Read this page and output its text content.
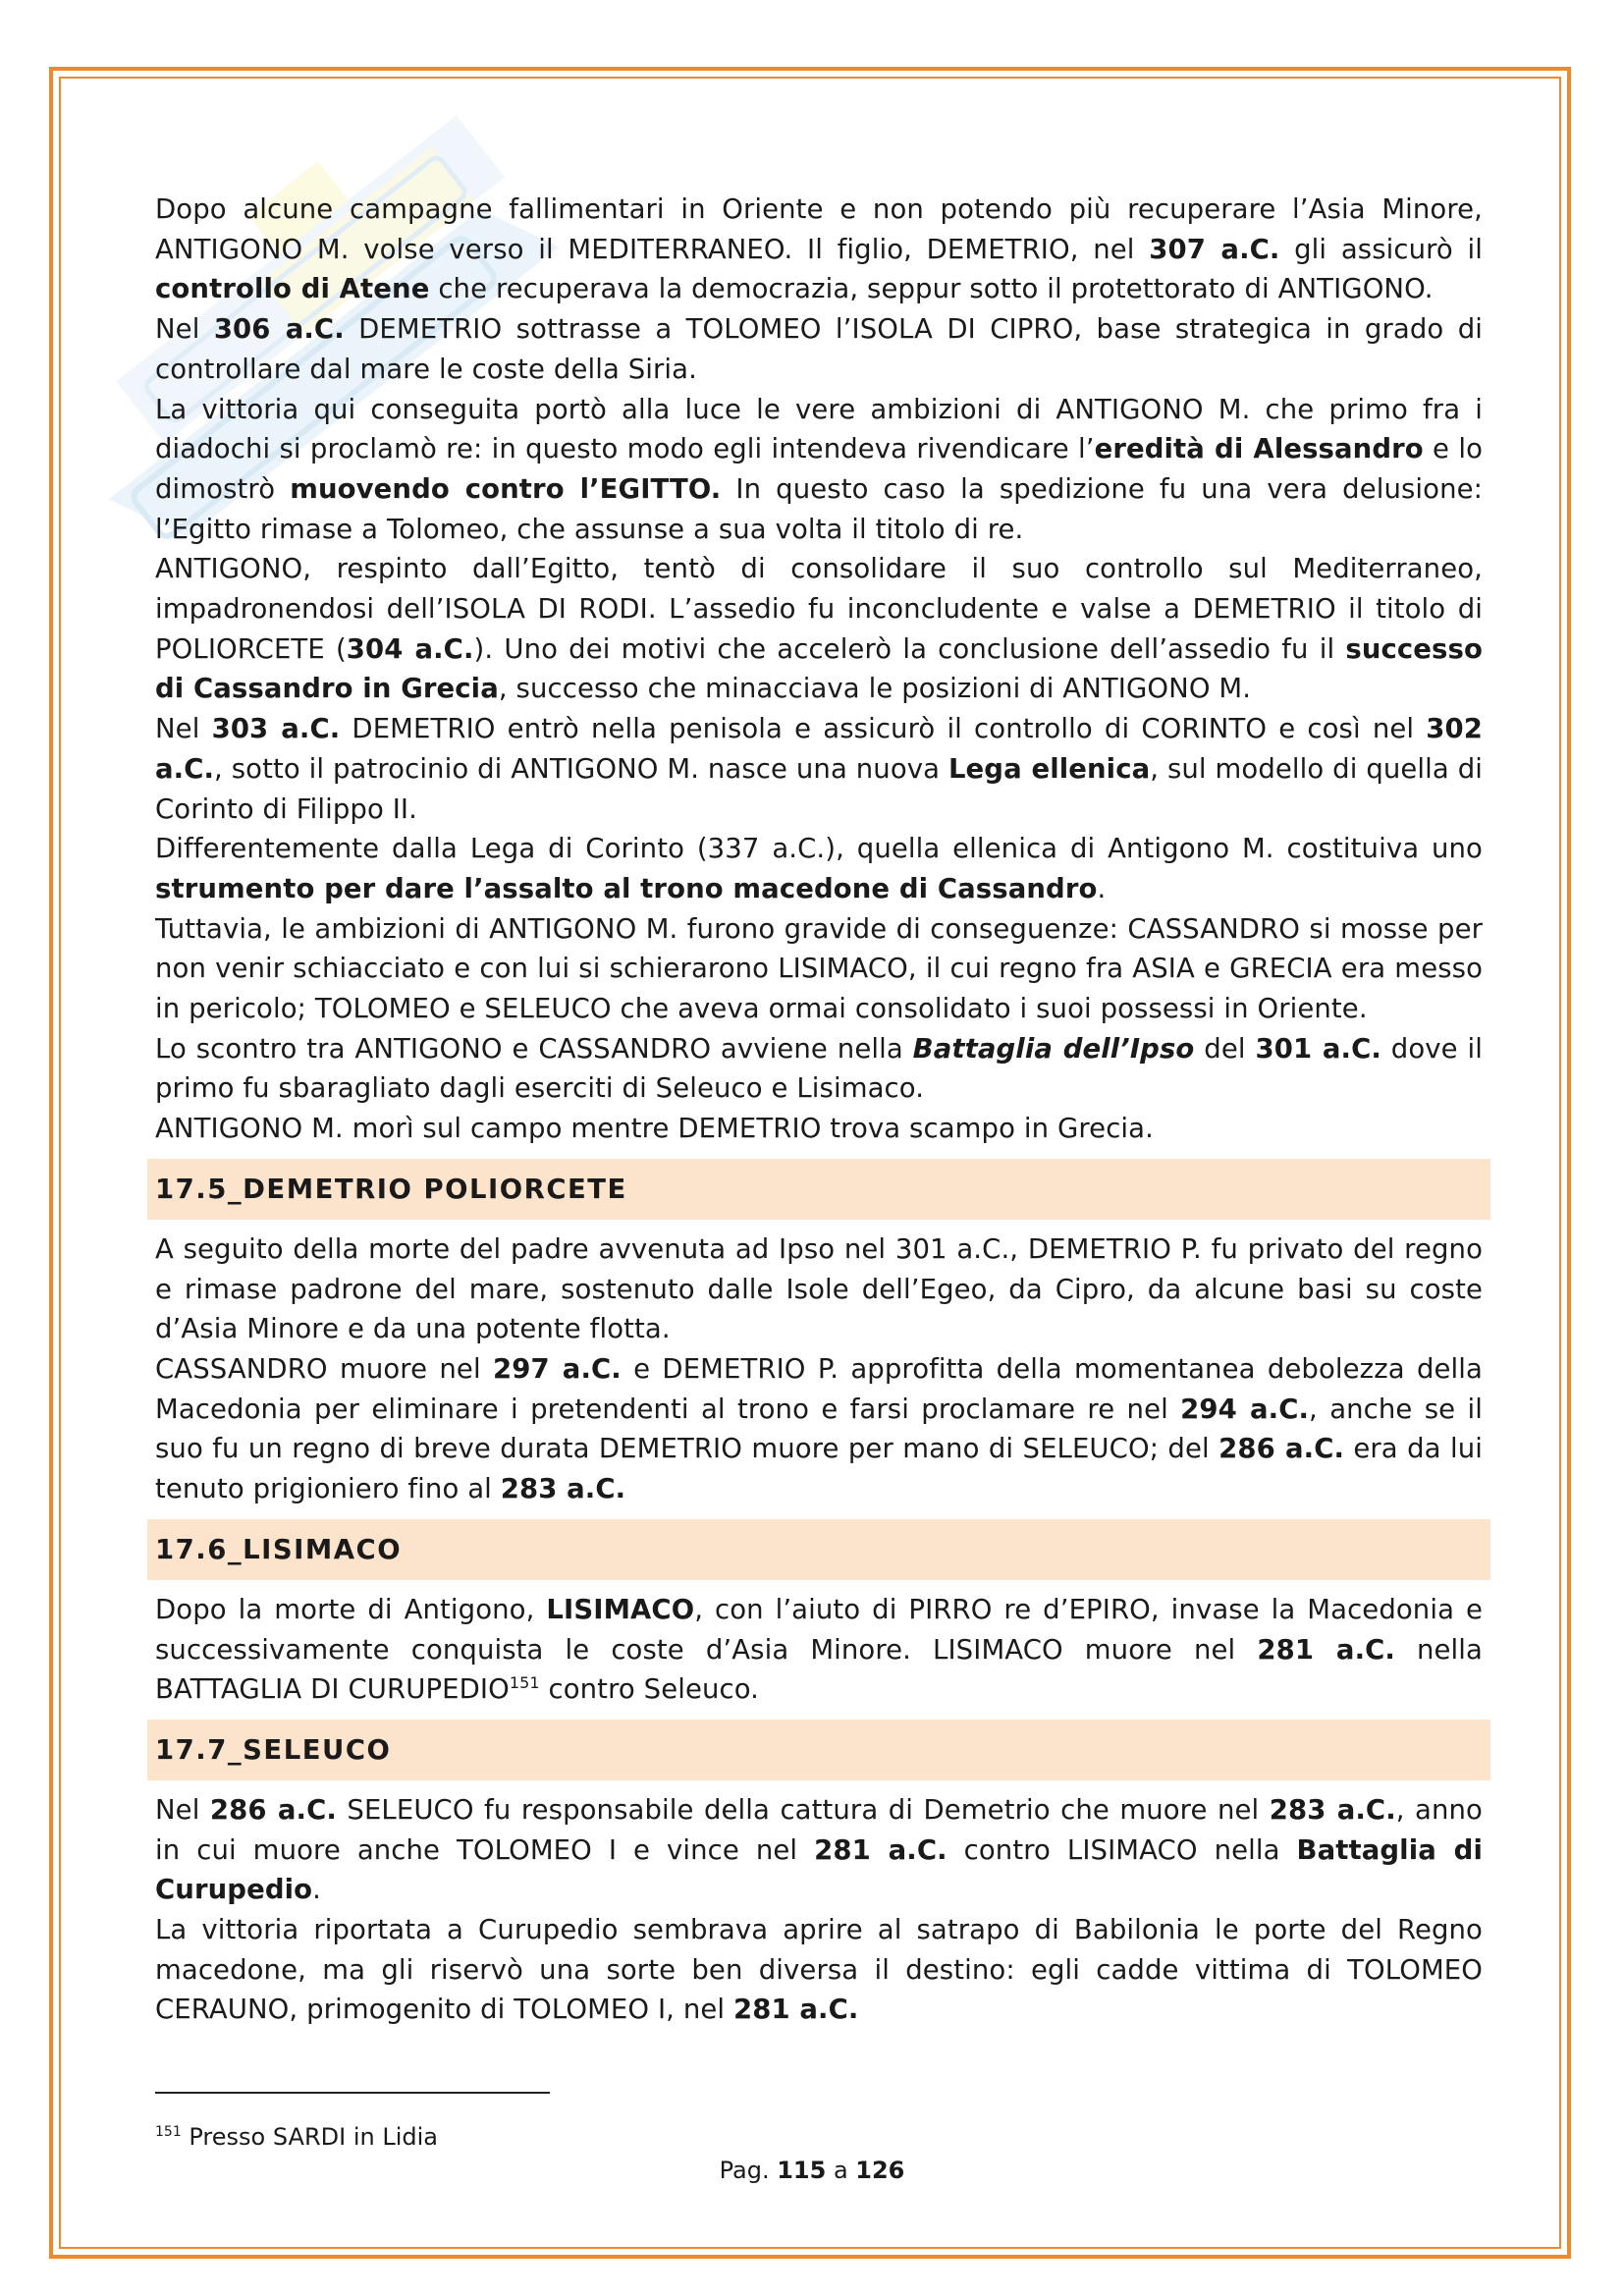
Dopo alcune campagne fallimentari in Oriente e non potendo più recuperare l’Asia Minore, ANTIGONO M. volse verso il MEDITERRANEO. Il figlio, DEMETRIO, nel 307 a.C. gli assicurò il controllo di Atene che recuperava la democrazia, seppur sotto il protettorato di ANTIGONO.

Nel 306 a.C. DEMETRIO sottrasse a TOLOMEO l’ISOLA DI CIPRO, base strategica in grado di controllare dal mare le coste della Siria.

La vittoria qui conseguita portò alla luce le vere ambizioni di ANTIGONO M. che primo fra i diadochi si proclamò re: in questo modo egli intendeva rivendicare l’eredità di Alessandro e lo dimostrò muovendo contro l’EGITTO. In questo caso la spedizione fu una vera delusione: l’Egitto rimase a Tolomeo, che assunse a sua volta il titolo di re.

ANTIGONO, respinto dall’Egitto, tentò di consolidare il suo controllo sul Mediterraneo, impadronendosi dell’ISOLA DI RODI. L’assedio fu inconcludente e valse a DEMETRIO il titolo di POLIORCETE (304 a.C.). Uno dei motivi che accelerò la conclusione dell’assedio fu il successo di Cassandro in Grecia, successo che minacciava le posizioni di ANTIGONO M.

Nel 303 a.C. DEMETRIO entrò nella penisola e assicurò il controllo di CORINTO e così nel 302 a.C., sotto il patrocinio di ANTIGONO M. nasce una nuova Lega ellenica, sul modello di quella di Corinto di Filippo II.

Differentemente dalla Lega di Corinto (337 a.C.), quella ellenica di Antigono M. costituiva uno strumento per dare l’assalto al trono macedone di Cassandro.

Tuttavia, le ambizioni di ANTIGONO M. furono gravide di conseguenze: CASSANDRO si mosse per non venir schiacciato e con lui si schierarono LISIMACO, il cui regno fra ASIA e GRECIA era messo in pericolo; TOLOMEO e SELEUCO che aveva ormai consolidato i suoi possessi in Oriente.

Lo scontro tra ANTIGONO e CASSANDRO avviene nella Battaglia dell’Ipso del 301 a.C. dove il primo fu sbaragliato dagli eserciti di Seleuco e Lisimaco.

ANTIGONO M. morì sul campo mentre DEMETRIO trova scampo in Grecia.

17.5_DEMETRIO POLIORCETE

A seguito della morte del padre avvenuta ad Ipso nel 301 a.C., DEMETRIO P. fu privato del regno e rimase padrone del mare, sostenuto dalle Isole dell’Egeo, da Cipro, da alcune basi su coste d’Asia Minore e da una potente flotta.

CASSANDRO muore nel 297 a.C. e DEMETRIO P. approfitta della momentanea debolezza della Macedonia per eliminare i pretendenti al trono e farsi proclamare re nel 294 a.C., anche se il suo fu un regno di breve durata DEMETRIO muore per mano di SELEUCO; del 286 a.C. era da lui tenuto prigioniero fino al 283 a.C.

17.6_LISIMACO

Dopo la morte di Antigono, LISIMACO, con l’aiuto di PIRRO re d’EPIRO, invase la Macedonia e successivamente conquista le coste d’Asia Minore. LISIMACO muore nel 281 a.C. nella BATTAGLIA DI CURUPEDIO$^{151}$ contro Seleuco.

17.7_SELEUCO

Nel 286 a.C. SELEUCO fu responsabile della cattura di Demetrio che muore nel 283 a.C., anno in cui muore anche TOLOMEO I e vince nel 281 a.C. contro LISIMACO nella Battaglia di Curupedio.

La vittoria riportata a Curupedio sembrava aprire al satrapo di Babilonia le porte del Regno macedone, ma gli riservò una sorte ben diversa il destino: egli cadde vittima di TOLOMEO CERAUNO, primogenito di TOLOMEO I, nel 281 a.C.

$^{151}$ Presso SARDI in Lidia
Pag. 115 a 126
